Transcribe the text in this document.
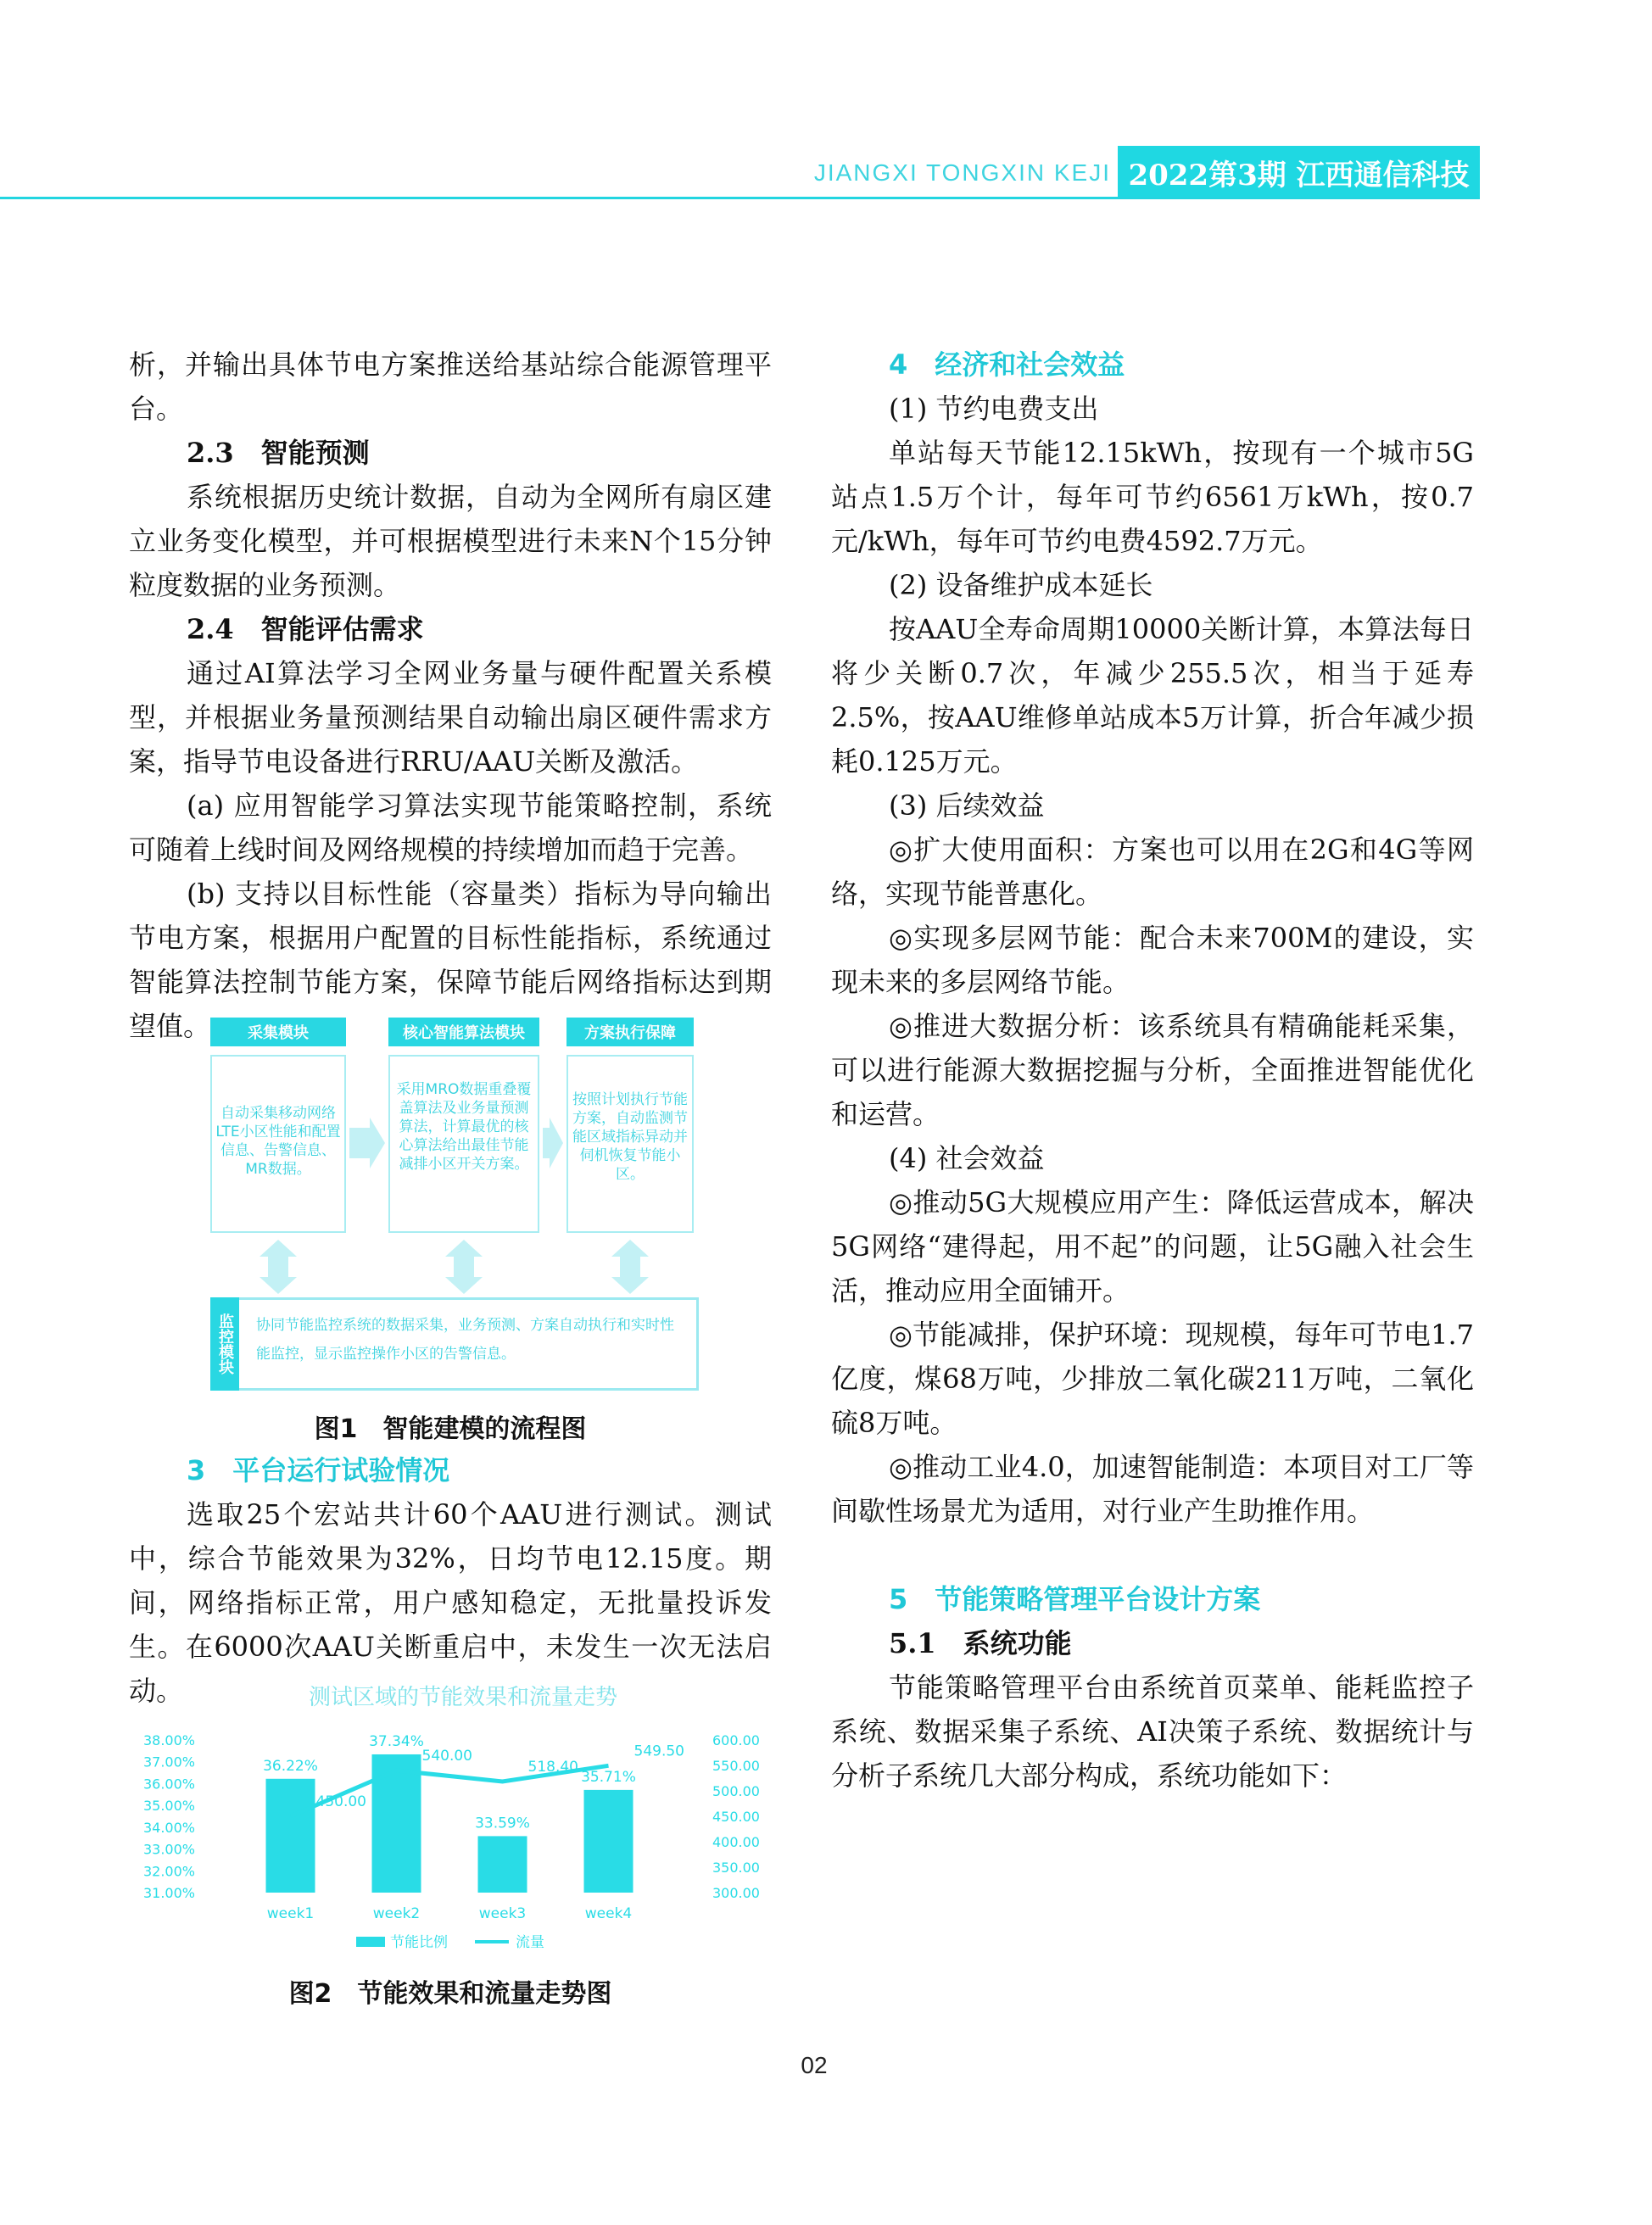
JIANGXI TONGXIN KEJI 2022第3期 江西通信科技

析，并输出具体节电方案推送给基站综合能源管理平台。

2.3　智能预测

系统根据历史统计数据，自动为全网所有扇区建立业务变化模型，并可根据模型进行未来N个15分钟粒度数据的业务预测。

2.4　智能评估需求

通过AI算法学习全网业务量与硬件配置关系模型，并根据业务量预测结果自动输出扇区硬件需求方案，指导节电设备进行RRU/AAU关断及激活。

(a) 应用智能学习算法实现节能策略控制，系统可随着上线时间及网络规模的持续增加而趋于完善。

(b) 支持以目标性能（容量类）指标为导向输出节电方案，根据用户配置的目标性能指标，系统通过智能算法控制节能方案，保障节能后网络指标达到期望值。	采集模块
自动采集移动网络LTE小区性能和配置信息、告警信息、MR数据。
核心智能算法模块
采用MRO数据重叠覆盖算法及业务量预测算法，计算最优的核心算法给出最佳节能减排小区开关方案。
方案执行保障
按照计划执行节能方案，自动监测节能区域指标异动并伺机恢复节能小区。
监控模块	协同节能监控系统的数据采集，业务预测、方案自动执行和实时性能监控，显示监控操作小区的告警信息。
图1　智能建模的流程图

3　平台运行试验情况

选取25个宏站共计60个AAU进行测试。测试中，综合节能效果为32%，日均节电12.15度。期间，网络指标正常，用户感知稳定，无批量投诉发生。在6000次AAU关断重启中，未发生一次无法启动。	测试区域的节能效果和流量走势
31.00%
32.00%
33.00%
34.00%
35.00%
36.00%
37.00%
38.00%
300.00
350.00
400.00
450.00
500.00
550.00
600.00
36.22%
450.00
37.34%
540.00
33.59%
518.40
35.71%
549.50
week1	week2	week3	week4
节能比例	流量
图2　节能效果和流量走势图

4　经济和社会效益

(1) 节约电费支出

单站每天节能12.15kWh，按现有一个城市5G站点1.5万个计，每年可节约6561万kWh，按0.7元/kWh，每年可节约电费4592.7万元。

(2) 设备维护成本延长

按AAU全寿命周期10000关断计算，本算法每日将少关断0.7次，年减少255.5次，相当于延寿2.5%，按AAU维修单站成本5万计算，折合年减少损耗0.125万元。

(3) 后续效益

◎扩大使用面积：方案也可以用在2G和4G等网络，实现节能普惠化。

◎实现多层网节能：配合未来700M的建设，实现未来的多层网络节能。

◎推进大数据分析：该系统具有精确能耗采集，可以进行能源大数据挖掘与分析，全面推进智能优化和运营。

(4) 社会效益

◎推动5G大规模应用产生：降低运营成本，解决5G网络“建得起，用不起”的问题，让5G融入社会生活，推动应用全面铺开。

◎节能减排，保护环境：现规模，每年可节电1.7亿度，煤68万吨，少排放二氧化碳211万吨，二氧化硫8万吨。

◎推动工业4.0，加速智能制造：本项目对工厂等间歇性场景尤为适用，对行业产生助推作用。

5　节能策略管理平台设计方案

5.1　系统功能

节能策略管理平台由系统首页菜单、能耗监控子系统、数据采集子系统、AI决策子系统、数据统计与分析子系统几大部分构成，系统功能如下：

02
